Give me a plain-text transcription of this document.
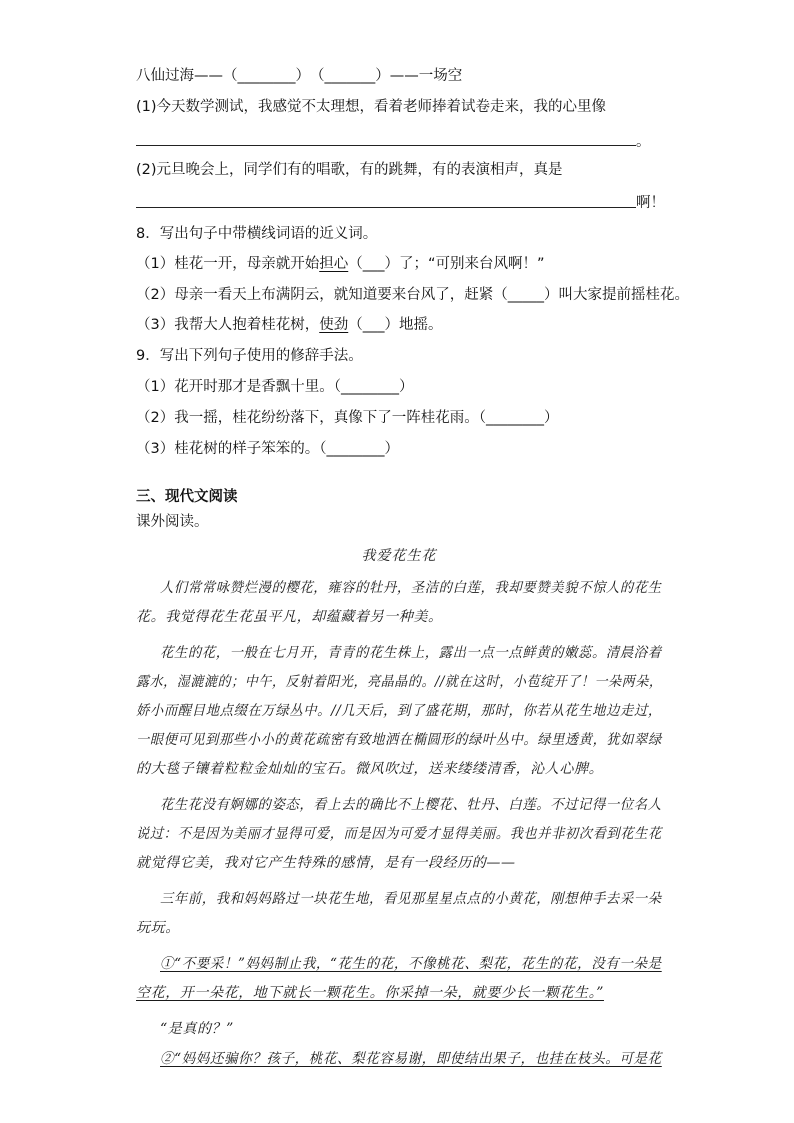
八仙过海——（________）　（_______）——一场空
(1)今天数学测试，我感觉不太理想，看着老师捧着试卷走来，我的心里像
。
(2)元旦晚会上，同学们有的唱歌，有的跳舞，有的表演相声，真是
啊！
8．写出句子中带横线词语的近义词。
（1）桂花一开，母亲就开始担心（___）了；“可别来台风啊！”
（2）母亲一看天上布满阴云，就知道要来台风了，赶紧（_____）叫大家提前摇桂花。
（3）我帮大人抱着桂花树，使劲（___）地摇。
9．写出下列句子使用的修辞手法。
（1）花开时那才是香飘十里。（________）
（2）我一摇，桂花纷纷落下，真像下了一阵桂花雨。（________）
（3）桂花树的样子笨笨的。（________）
三、现代文阅读
课外阅读。
我爱花生花
人们常常咏赞烂漫的樱花，雍容的牡丹，圣洁的白莲，我却要赞美貌不惊人的花生
花。我觉得花生花虽平凡，却蕴藏着另一种美。
花生的花，一般在七月开，青青的花生株上，露出一点一点鲜黄的嫩蕊。清晨浴着
露水，湿漉漉的；中午，反射着阳光，亮晶晶的。//就在这时，小苞绽开了！一朵两朵，
娇小而醒目地点缀在万绿丛中。//几天后，到了盛花期，那时，你若从花生地边走过，
一眼便可见到那些小小的黄花疏密有致地洒在椭圆形的绿叶丛中。绿里透黄，犹如翠绿
的大毯子镶着粒粒金灿灿的宝石。微风吹过，送来缕缕清香，沁人心脾。
花生花没有婀娜的姿态，看上去的确比不上樱花、牡丹、白莲。不过记得一位名人
说过：不是因为美丽才显得可爱，而是因为可爱才显得美丽。我也并非初次看到花生花
就觉得它美，我对它产生特殊的感情，是有一段经历的——
三年前，我和妈妈路过一块花生地，看见那星星点点的小黄花，刚想伸手去采一朵
玩玩。
①“不要采！”妈妈制止我，“花生的花，不像桃花、梨花，花生的花，没有一朵是
空花，开一朵花，地下就长一颗花生。你采掉一朵，就要少长一颗花生。”
“是真的？”
②“妈妈还骗你？孩子，桃花、梨花容易谢，即使结出果子，也挂在枝头。可是花
